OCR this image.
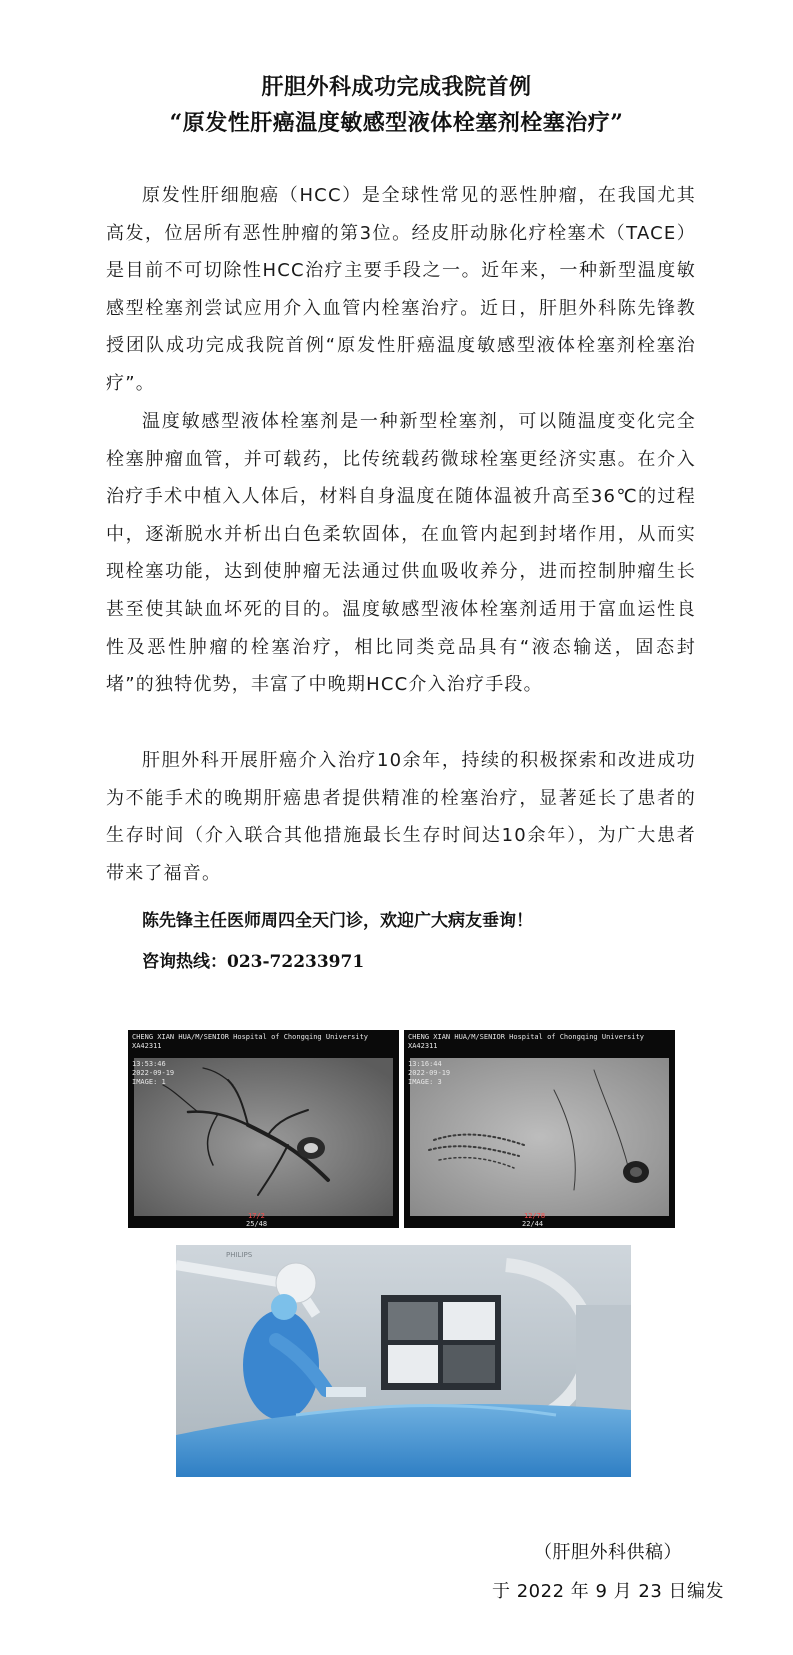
肝胆外科成功完成我院首例
“原发性肝癌温度敏感型液体栓塞剂栓塞治疗”

原发性肝细胞癌（HCC）是全球性常见的恶性肿瘤，在我国尤其高发，位居所有恶性肿瘤的第3位。经皮肝动脉化疗栓塞术（TACE）是目前不可切除性HCC治疗主要手段之一。近年来，一种新型温度敏感型栓塞剂尝试应用介入血管内栓塞治疗。近日，肝胆外科陈先锋教授团队成功完成我院首例“原发性肝癌温度敏感型液体栓塞剂栓塞治疗”。

温度敏感型液体栓塞剂是一种新型栓塞剂，可以随温度变化完全栓塞肿瘤血管，并可载药，比传统载药微球栓塞更经济实惠。在介入治疗手术中植入人体后，材料自身温度在随体温被升高至36℃的过程中，逐渐脱水并析出白色柔软固体，在血管内起到封堵作用，从而实现栓塞功能，达到使肿瘤无法通过供血吸收养分，进而控制肿瘤生长甚至使其缺血坏死的目的。温度敏感型液体栓塞剂适用于富血运性良性及恶性肿瘤的栓塞治疗，相比同类竞品具有“液态输送，固态封堵”的独特优势，丰富了中晚期HCC介入治疗手段。

肝胆外科开展肝癌介入治疗10余年，持续的积极探索和改进成功为不能手术的晚期肝癌患者提供精准的栓塞治疗，显著延长了患者的生存时间（介入联合其他措施最长生存时间达10余年），为广大患者带来了福音。

陈先锋主任医师周四全天门诊，欢迎广大病友垂询！
咨询热线：023-72233971
CHENG XIAN HUA/M/SENIOR Hospital of Chongqing University
XA42311
13:53:46
2022-09-19
IMAGE: 1
25/48
17/2
CHENG XIAN HUA/M/SENIOR Hospital of Chongqing University
XA42311
13:16:44
2022-09-19
IMAGE: 3
22/44
12/78
PHILIPS
（肝胆外科供稿）
于 2022 年 9 月 23 日编发
